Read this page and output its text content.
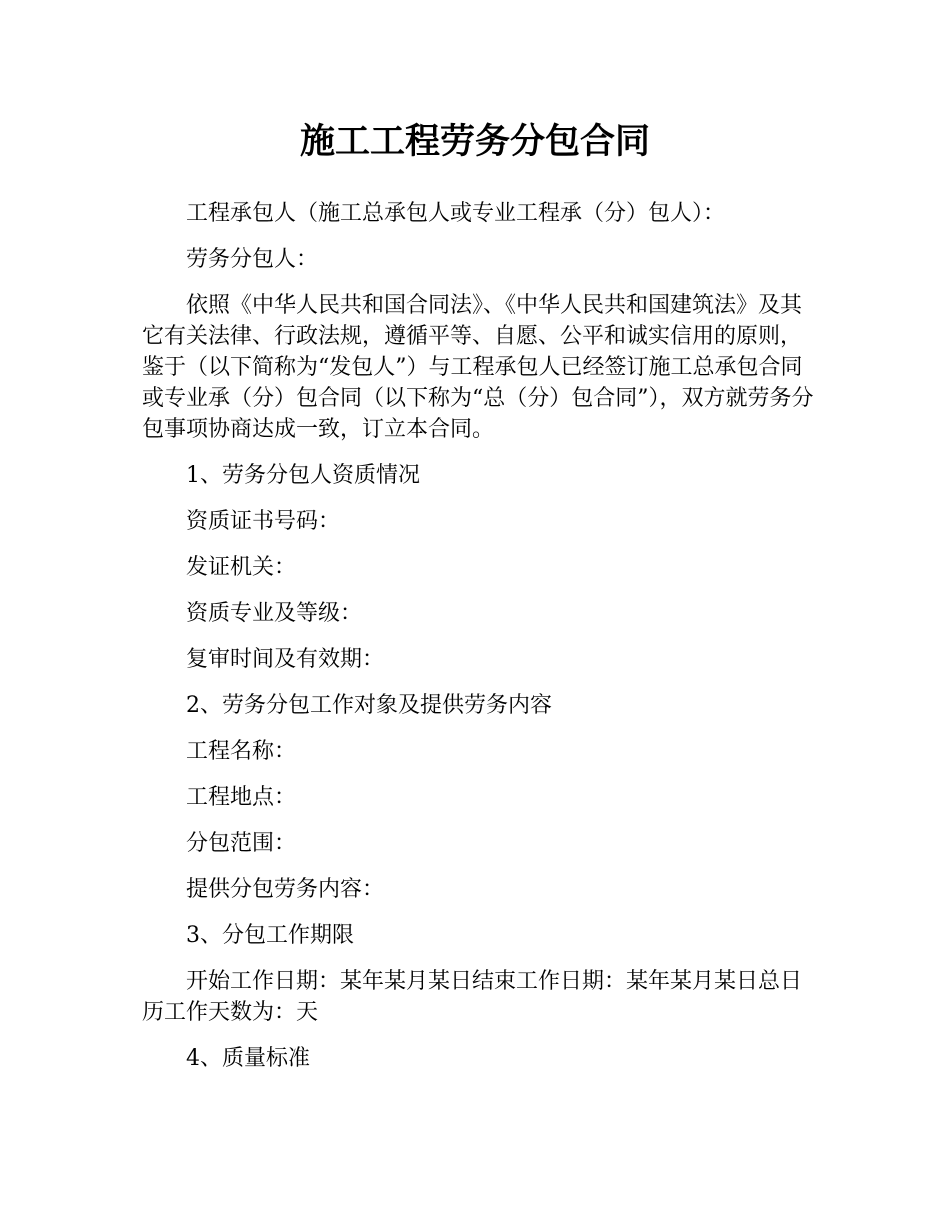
施工工程劳务分包合同

工程承包人（施工总承包人或专业工程承（分）包人）：

劳务分包人：

依照《中华人民共和国合同法》、《中华人民共和国建筑法》及其它有关法律、行政法规，遵循平等、自愿、公平和诚实信用的原则，鉴于（以下简称为“发包人”）与工程承包人已经签订施工总承包合同或专业承（分）包合同（以下称为“总（分）包合同”），双方就劳务分包事项协商达成一致，订立本合同。

1、劳务分包人资质情况

资质证书号码：

发证机关：

资质专业及等级：

复审时间及有效期：

2、劳务分包工作对象及提供劳务内容

工程名称：

工程地点：

分包范围：

提供分包劳务内容：

3、分包工作期限

开始工作日期：某年某月某日结束工作日期：某年某月某日总日历工作天数为：天

4、质量标准
